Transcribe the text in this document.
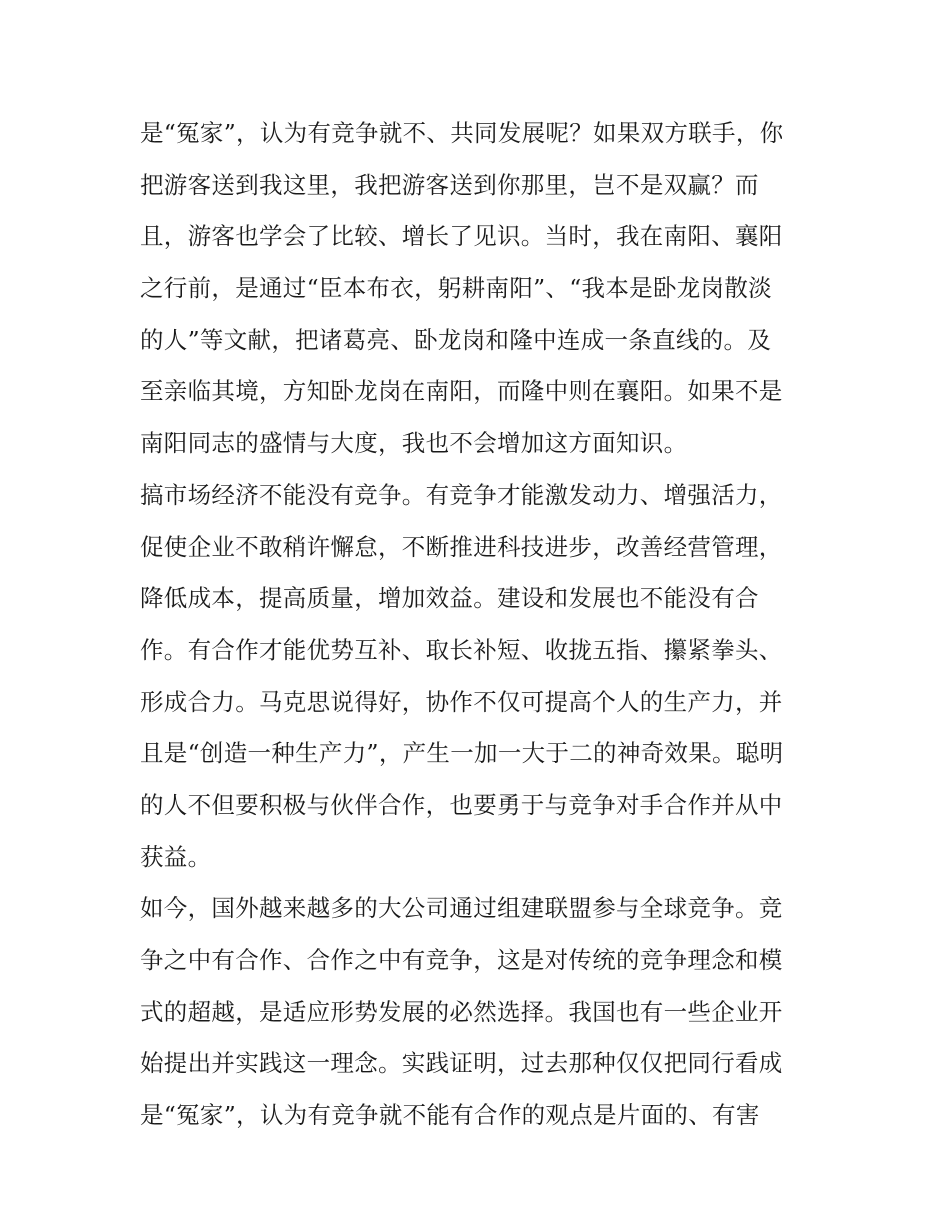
是“冤家”，认为有竞争就不、共同发展呢？如果双方联手，你
把游客送到我这里，我把游客送到你那里，岂不是双赢？而
且，游客也学会了比较、增长了见识。当时，我在南阳、襄阳
之行前，是通过“臣本布衣，躬耕南阳”、“我本是卧龙岗散淡
的人”等文献，把诸葛亮、卧龙岗和隆中连成一条直线的。及
至亲临其境，方知卧龙岗在南阳，而隆中则在襄阳。如果不是
南阳同志的盛情与大度，我也不会增加这方面知识。
搞市场经济不能没有竞争。有竞争才能激发动力、增强活力，
促使企业不敢稍许懈怠，不断推进科技进步，改善经营管理，
降低成本，提高质量，增加效益。建设和发展也不能没有合
作。有合作才能优势互补、取长补短、收拢五指、攥紧拳头、
形成合力。马克思说得好，协作不仅可提高个人的生产力，并
且是“创造一种生产力”，产生一加一大于二的神奇效果。聪明
的人不但要积极与伙伴合作，也要勇于与竞争对手合作并从中
获益。
如今，国外越来越多的大公司通过组建联盟参与全球竞争。竞
争之中有合作、合作之中有竞争，这是对传统的竞争理念和模
式的超越，是适应形势发展的必然选择。我国也有一些企业开
始提出并实践这一理念。实践证明，过去那种仅仅把同行看成
是“冤家”，认为有竞争就不能有合作的观点是片面的、有害
